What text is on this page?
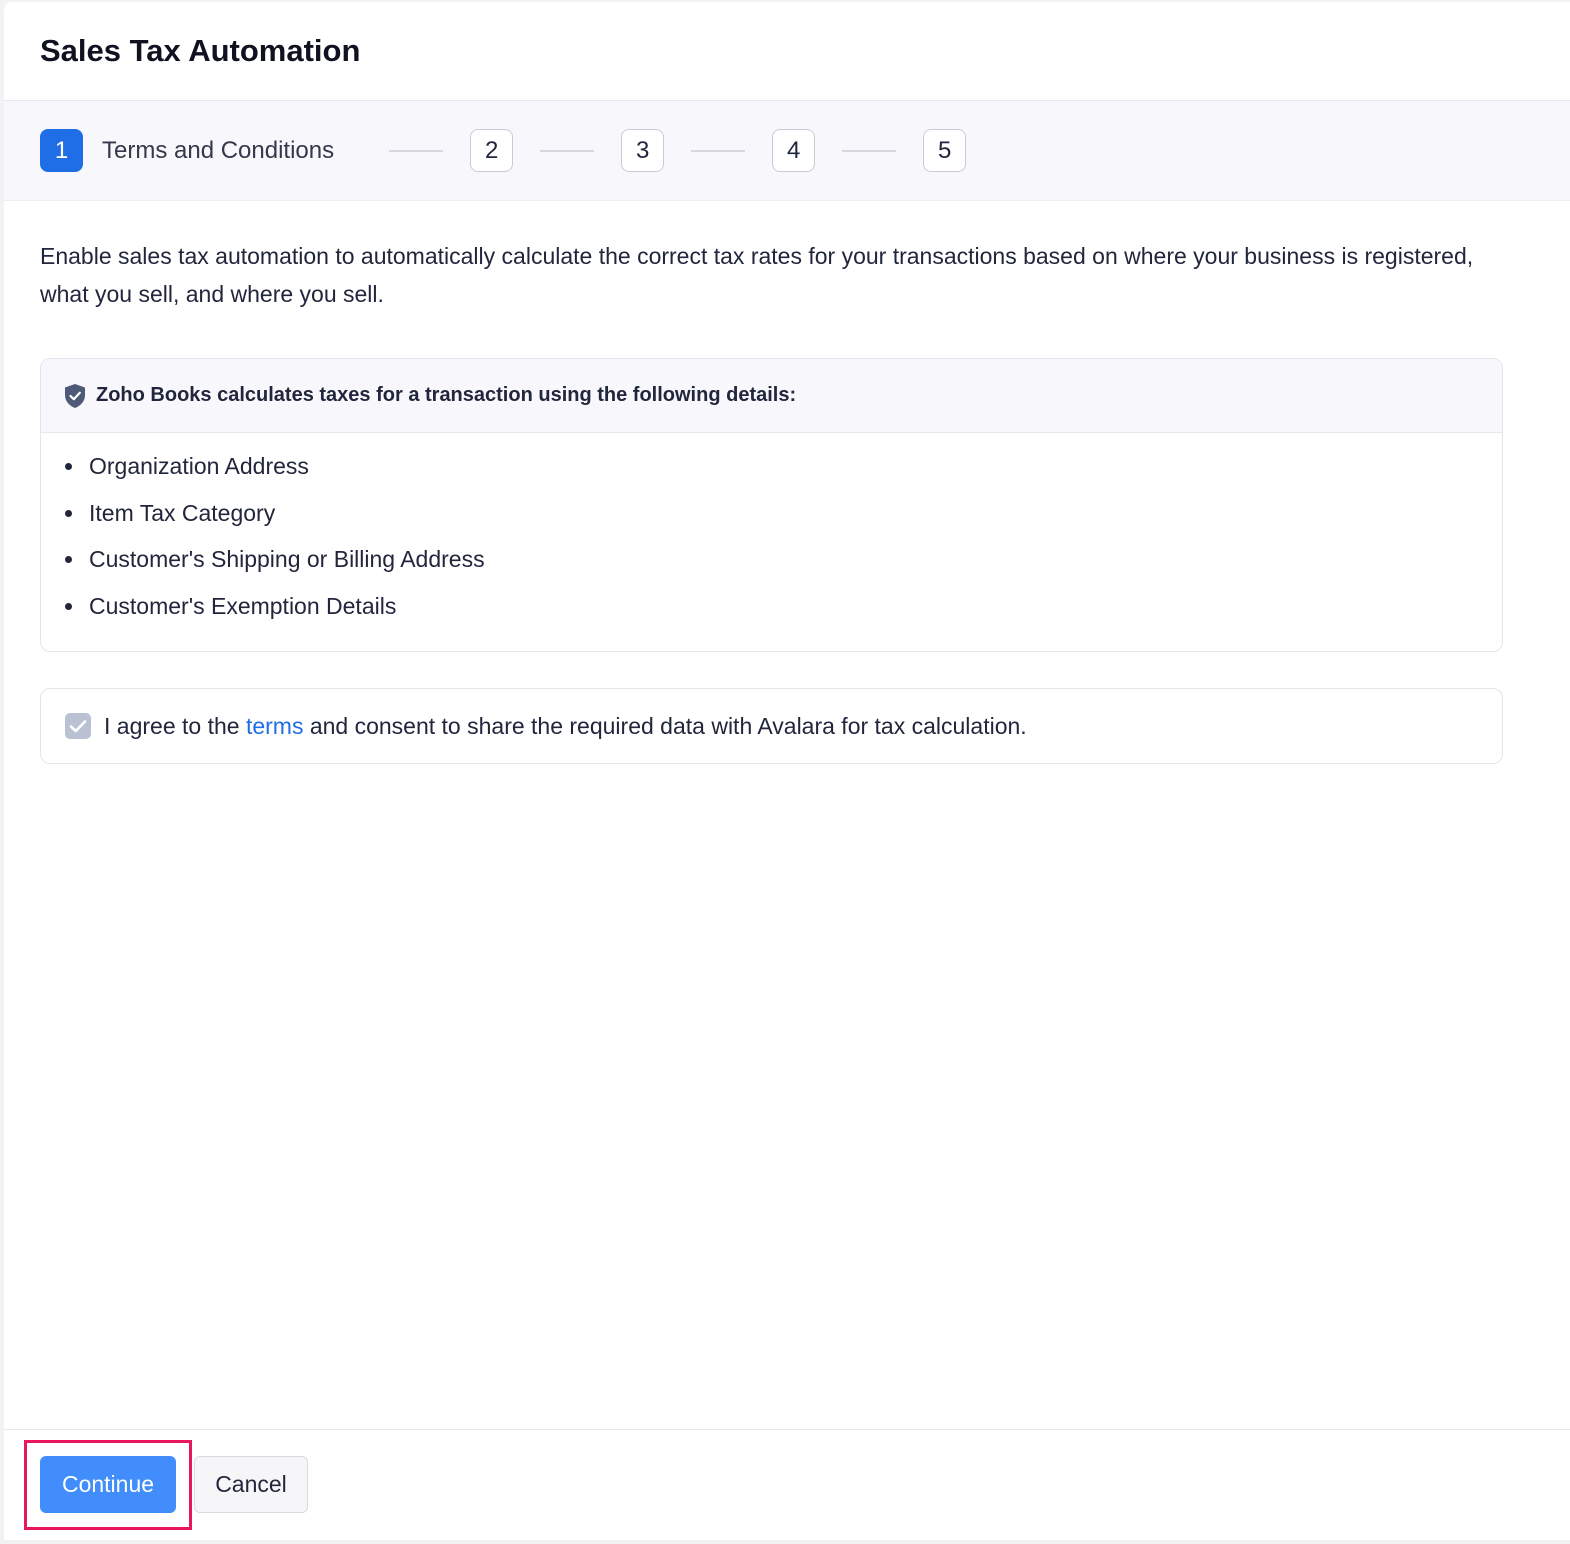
Sales Tax Automation
1	Terms and Conditions	2	3	4	5

Enable sales tax automation to automatically calculate the correct tax rates for your transactions based on where your business is registered, what you sell, and where you sell.

Zoho Books calculates taxes for a transaction using the following details:
Organization Address
Item Tax Category
Customer's Shipping or Billing Address
Customer's Exemption Details
I agree to the terms and consent to share the required data with Avalara for tax calculation.
Continue	Cancel
